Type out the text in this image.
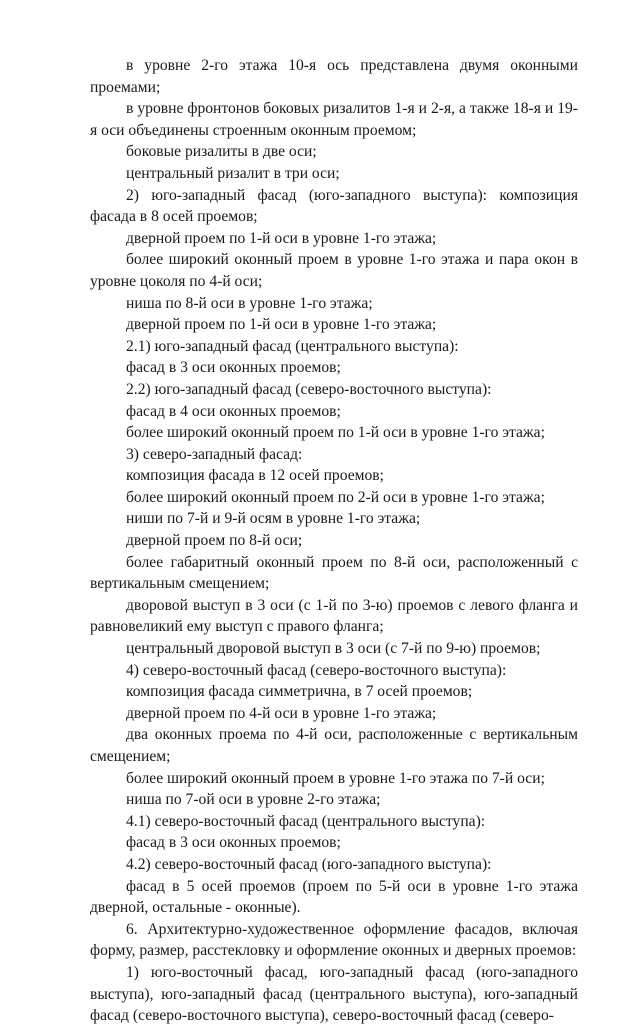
в уровне 2-го этажа 10-я ось представлена двумя оконными проемами;

в уровне фронтонов боковых ризалитов 1-я и 2-я, а также 18-я и 19-я оси объединены строенным оконным проемом;

боковые ризалиты в две оси;

центральный ризалит в три оси;

2) юго-западный фасад (юго-западного выступа): композиция фасада в 8 осей проемов;

дверной проем по 1-й оси в уровне 1-го этажа;

более широкий оконный проем в уровне 1-го этажа и пара окон в уровне цоколя по 4-й оси;

ниша по 8-й оси в уровне 1-го этажа;

дверной проем по 1-й оси в уровне 1-го этажа;

2.1) юго-западный фасад (центрального выступа):

фасад в 3 оси оконных проемов;

2.2) юго-западный фасад (северо-восточного выступа):

фасад в 4 оси оконных проемов;

более широкий оконный проем по 1-й оси в уровне 1-го этажа;

3) северо-западный фасад:

композиция фасада в 12 осей проемов;

более широкий оконный проем по 2-й оси в уровне 1-го этажа;

ниши по 7-й и 9-й осям в уровне 1-го этажа;

дверной проем по 8-й оси;

более габаритный оконный проем по 8-й оси, расположенный с вертикальным смещением;

дворовой выступ в 3 оси (с 1-й по 3-ю) проемов с левого фланга и равновеликий ему выступ с правого фланга;

центральный дворовой выступ в 3 оси (с 7-й по 9-ю) проемов;

4) северо-восточный фасад (северо-восточного выступа):

композиция фасада симметрична, в 7 осей проемов;

дверной проем по 4-й оси в уровне 1-го этажа;

два оконных проема по 4-й оси, расположенные с вертикальным смещением;

более широкий оконный проем в уровне 1-го этажа по 7-й оси;

ниша по 7-ой оси в уровне 2-го этажа;

4.1) северо-восточный фасад (центрального выступа):

фасад в 3 оси оконных проемов;

4.2) северо-восточный фасад (юго-западного выступа):

фасад в 5 осей проемов (проем по 5-й оси в уровне 1-го этажа дверной, остальные - оконные).

6. Архитектурно-художественное оформление фасадов, включая форму, размер, расстекловку и оформление оконных и дверных проемов:

1) юго-восточный фасад, юго-западный фасад (юго-западного выступа), юго-западный фасад (центрального выступа), юго-западный фасад (северо-восточного выступа), северо-восточный фасад (северо-
